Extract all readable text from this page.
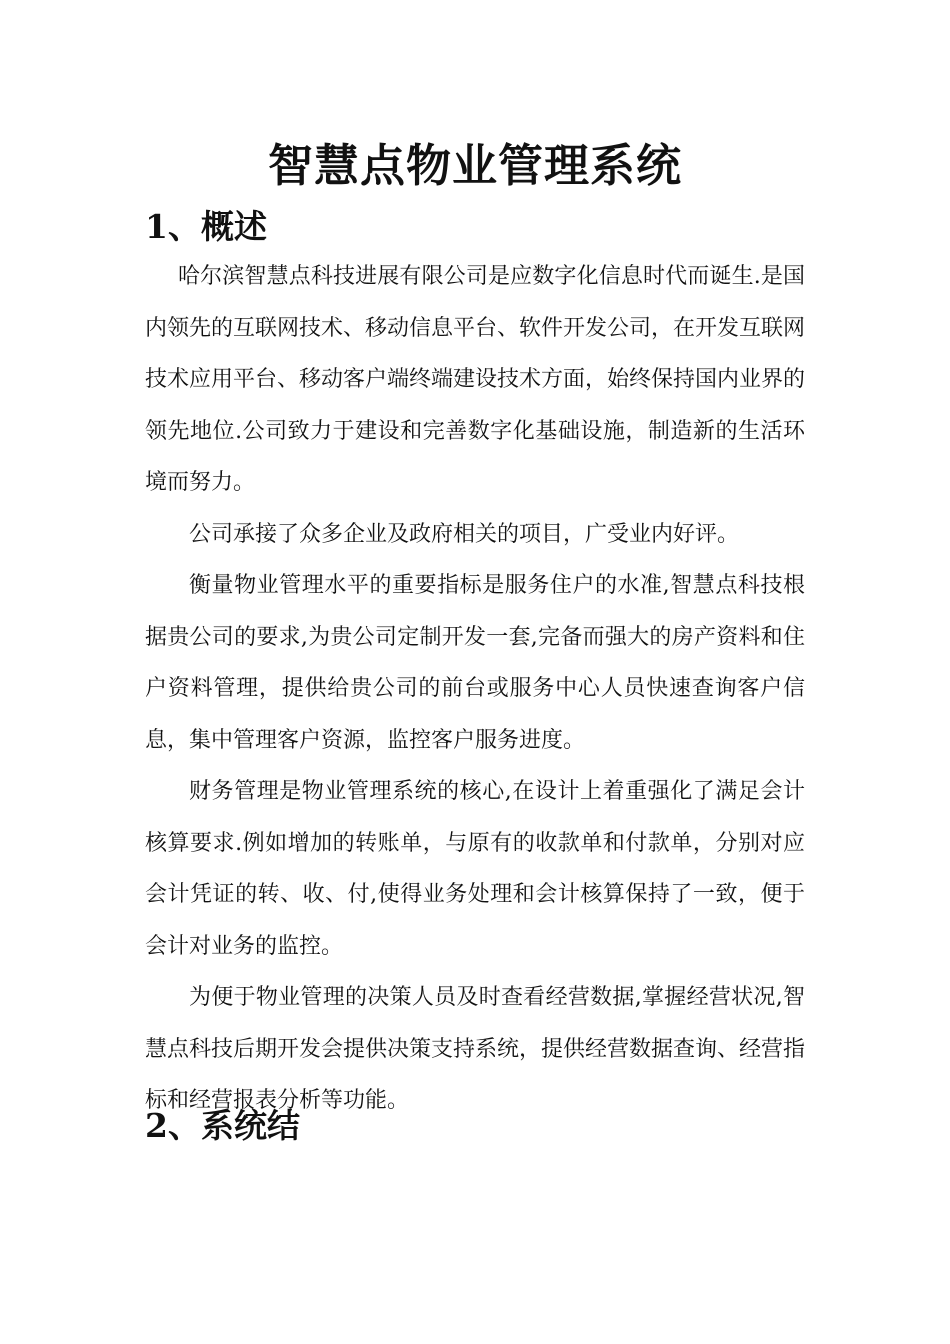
智慧点物业管理系统
1、概述

哈尔滨智慧点科技进展有限公司是应数字化信息时代而诞生.是国内领先的互联网技术、移动信息平台、软件开发公司，在开发互联网技术应用平台、移动客户端终端建设技术方面，始终保持国内业界的领先地位.公司致力于建设和完善数字化基础设施，制造新的生活环境而努力。

公司承接了众多企业及政府相关的项目，广受业内好评。

衡量物业管理水平的重要指标是服务住户的水准,智慧点科技根据贵公司的要求,为贵公司定制开发一套,完备而强大的房产资料和住户资料管理，提供给贵公司的前台或服务中心人员快速查询客户信息，集中管理客户资源，监控客户服务进度。

财务管理是物业管理系统的核心,在设计上着重强化了满足会计核算要求.例如增加的转账单，与原有的收款单和付款单，分别对应会计凭证的转、收、付,使得业务处理和会计核算保持了一致，便于会计对业务的监控。

为便于物业管理的决策人员及时查看经营数据,掌握经营状况,智慧点科技后期开发会提供决策支持系统，提供经营数据查询、经营指标和经营报表分析等功能。

2、系统结
